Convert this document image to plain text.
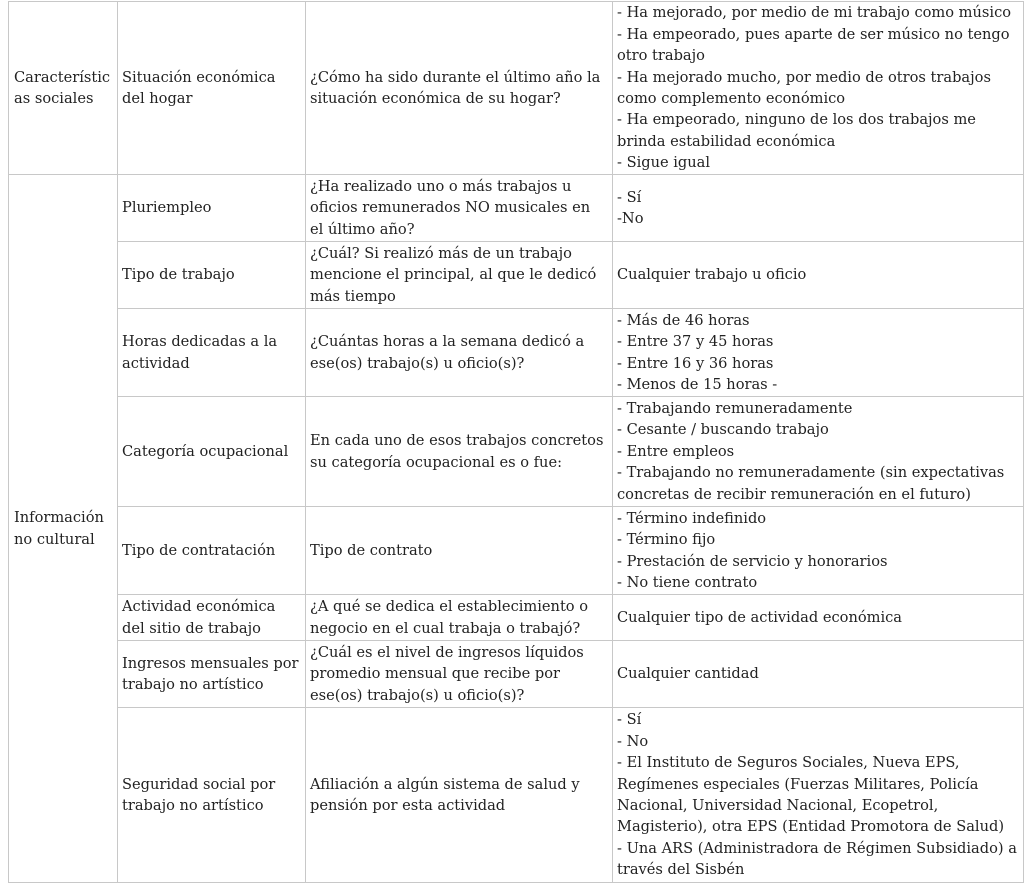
Características sociales	Situación económica del hogar	¿Cómo ha sido durante el último año la situación económica de su hogar?	- Ha mejorado, por medio de mi trabajo como músico
- Ha empeorado, pues aparte de ser músico no tengo otro trabajo
- Ha mejorado mucho, por medio de otros trabajos como complemento económico
- Ha empeorado, ninguno de los dos trabajos me brinda estabilidad económica
- Sigue igual

Información no cultural	Pluriempleo	¿Ha realizado uno o más trabajos u oficios remunerados NO musicales en el último año?	- Sí
-No

	Tipo de trabajo	¿Cuál? Si realizó más de un trabajo mencione el principal, al que le dedicó más tiempo	Cualquier trabajo u oficio

	Horas dedicadas a la actividad	¿Cuántas horas a la semana dedicó a ese(os) trabajo(s) u oficio(s)?	- Más de 46 horas
- Entre 37 y 45 horas
- Entre 16 y 36 horas
- Menos de 15 horas -

	Categoría ocupacional	En cada uno de esos trabajos concretos su categoría ocupacional es o fue:	- Trabajando remuneradamente
- Cesante / buscando trabajo
- Entre empleos
- Trabajando no remuneradamente (sin expectativas concretas de recibir remuneración en el futuro)

	Tipo de contratación	Tipo de contrato	- Término indefinido
- Término fijo
- Prestación de servicio y honorarios
- No tiene contrato

	Actividad económica del sitio de trabajo	¿A qué se dedica el establecimiento o negocio en el cual trabaja o trabajó?	Cualquier tipo de actividad económica

	Ingresos mensuales por trabajo no artístico	¿Cuál es el nivel de ingresos líquidos promedio mensual que recibe por ese(os) trabajo(s) u oficio(s)?	Cualquier cantidad

	Seguridad social por trabajo no artístico	Afiliación a algún sistema de salud y pensión por esta actividad	- Sí
- No
- El Instituto de Seguros Sociales, Nueva EPS, Regímenes especiales (Fuerzas Militares, Policía Nacional, Universidad Nacional, Ecopetrol, Magisterio), otra EPS (Entidad Promotora de Salud)
- Una ARS (Administradora de Régimen Subsidiado) a través del Sisbén
